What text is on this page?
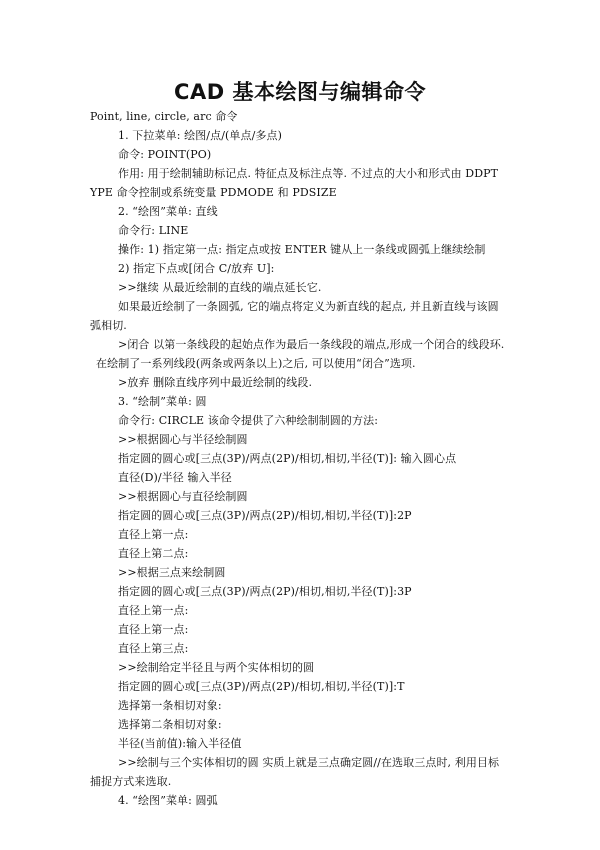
CAD 基本绘图与编辑命令
Point, line, circle, arc 命令
1. 下拉菜单: 绘图/点/(单点/多点)
命令: POINT(PO)
作用: 用于绘制辅助标记点. 特征点及标注点等. 不过点的大小和形式由 DDPT
YPE 命令控制或系统变量 PDMODE 和 PDSIZE
2. “绘图”菜单: 直线
命令行: LINE
操作: 1) 指定第一点: 指定点或按 ENTER 键从上一条线或圆弧上继续绘制
2) 指定下点或[闭合 C/放弃 U]:
>>继续 从最近绘制的直线的端点延长它.
如果最近绘制了一条圆弧, 它的端点将定义为新直线的起点, 并且新直线与该圆
弧相切.
>闭合 以第一条线段的起始点作为最后一条线段的端点,形成一个闭合的线段环.
在绘制了一系列线段(两条或两条以上)之后, 可以使用“闭合”选项.
>放弃 删除直线序列中最近绘制的线段.
3. “绘制”菜单: 圆
命令行: CIRCLE 该命令提供了六种绘制制圆的方法:
>>根据圆心与半径绘制圆
指定圆的圆心或[三点(3P)/两点(2P)/相切,相切,半径(T)]: 输入圆心点
直径(D)/半径 输入半径
>>根据圆心与直径绘制圆
指定圆的圆心或[三点(3P)/两点(2P)/相切,相切,半径(T)]:2P
直径上第一点:
直径上第二点:
>>根据三点来绘制圆
指定圆的圆心或[三点(3P)/两点(2P)/相切,相切,半径(T)]:3P
直径上第一点:
直径上第一点:
直径上第三点:
>>绘制给定半径且与两个实体相切的圆
指定圆的圆心或[三点(3P)/两点(2P)/相切,相切,半径(T)]:T
选择第一条相切对象:
选择第二条相切对象:
半径(当前值):输入半径值
>>绘制与三个实体相切的圆 实质上就是三点确定圆//在选取三点时, 利用目标
捕捉方式来选取.
4. “绘图”菜单: 圆弧
